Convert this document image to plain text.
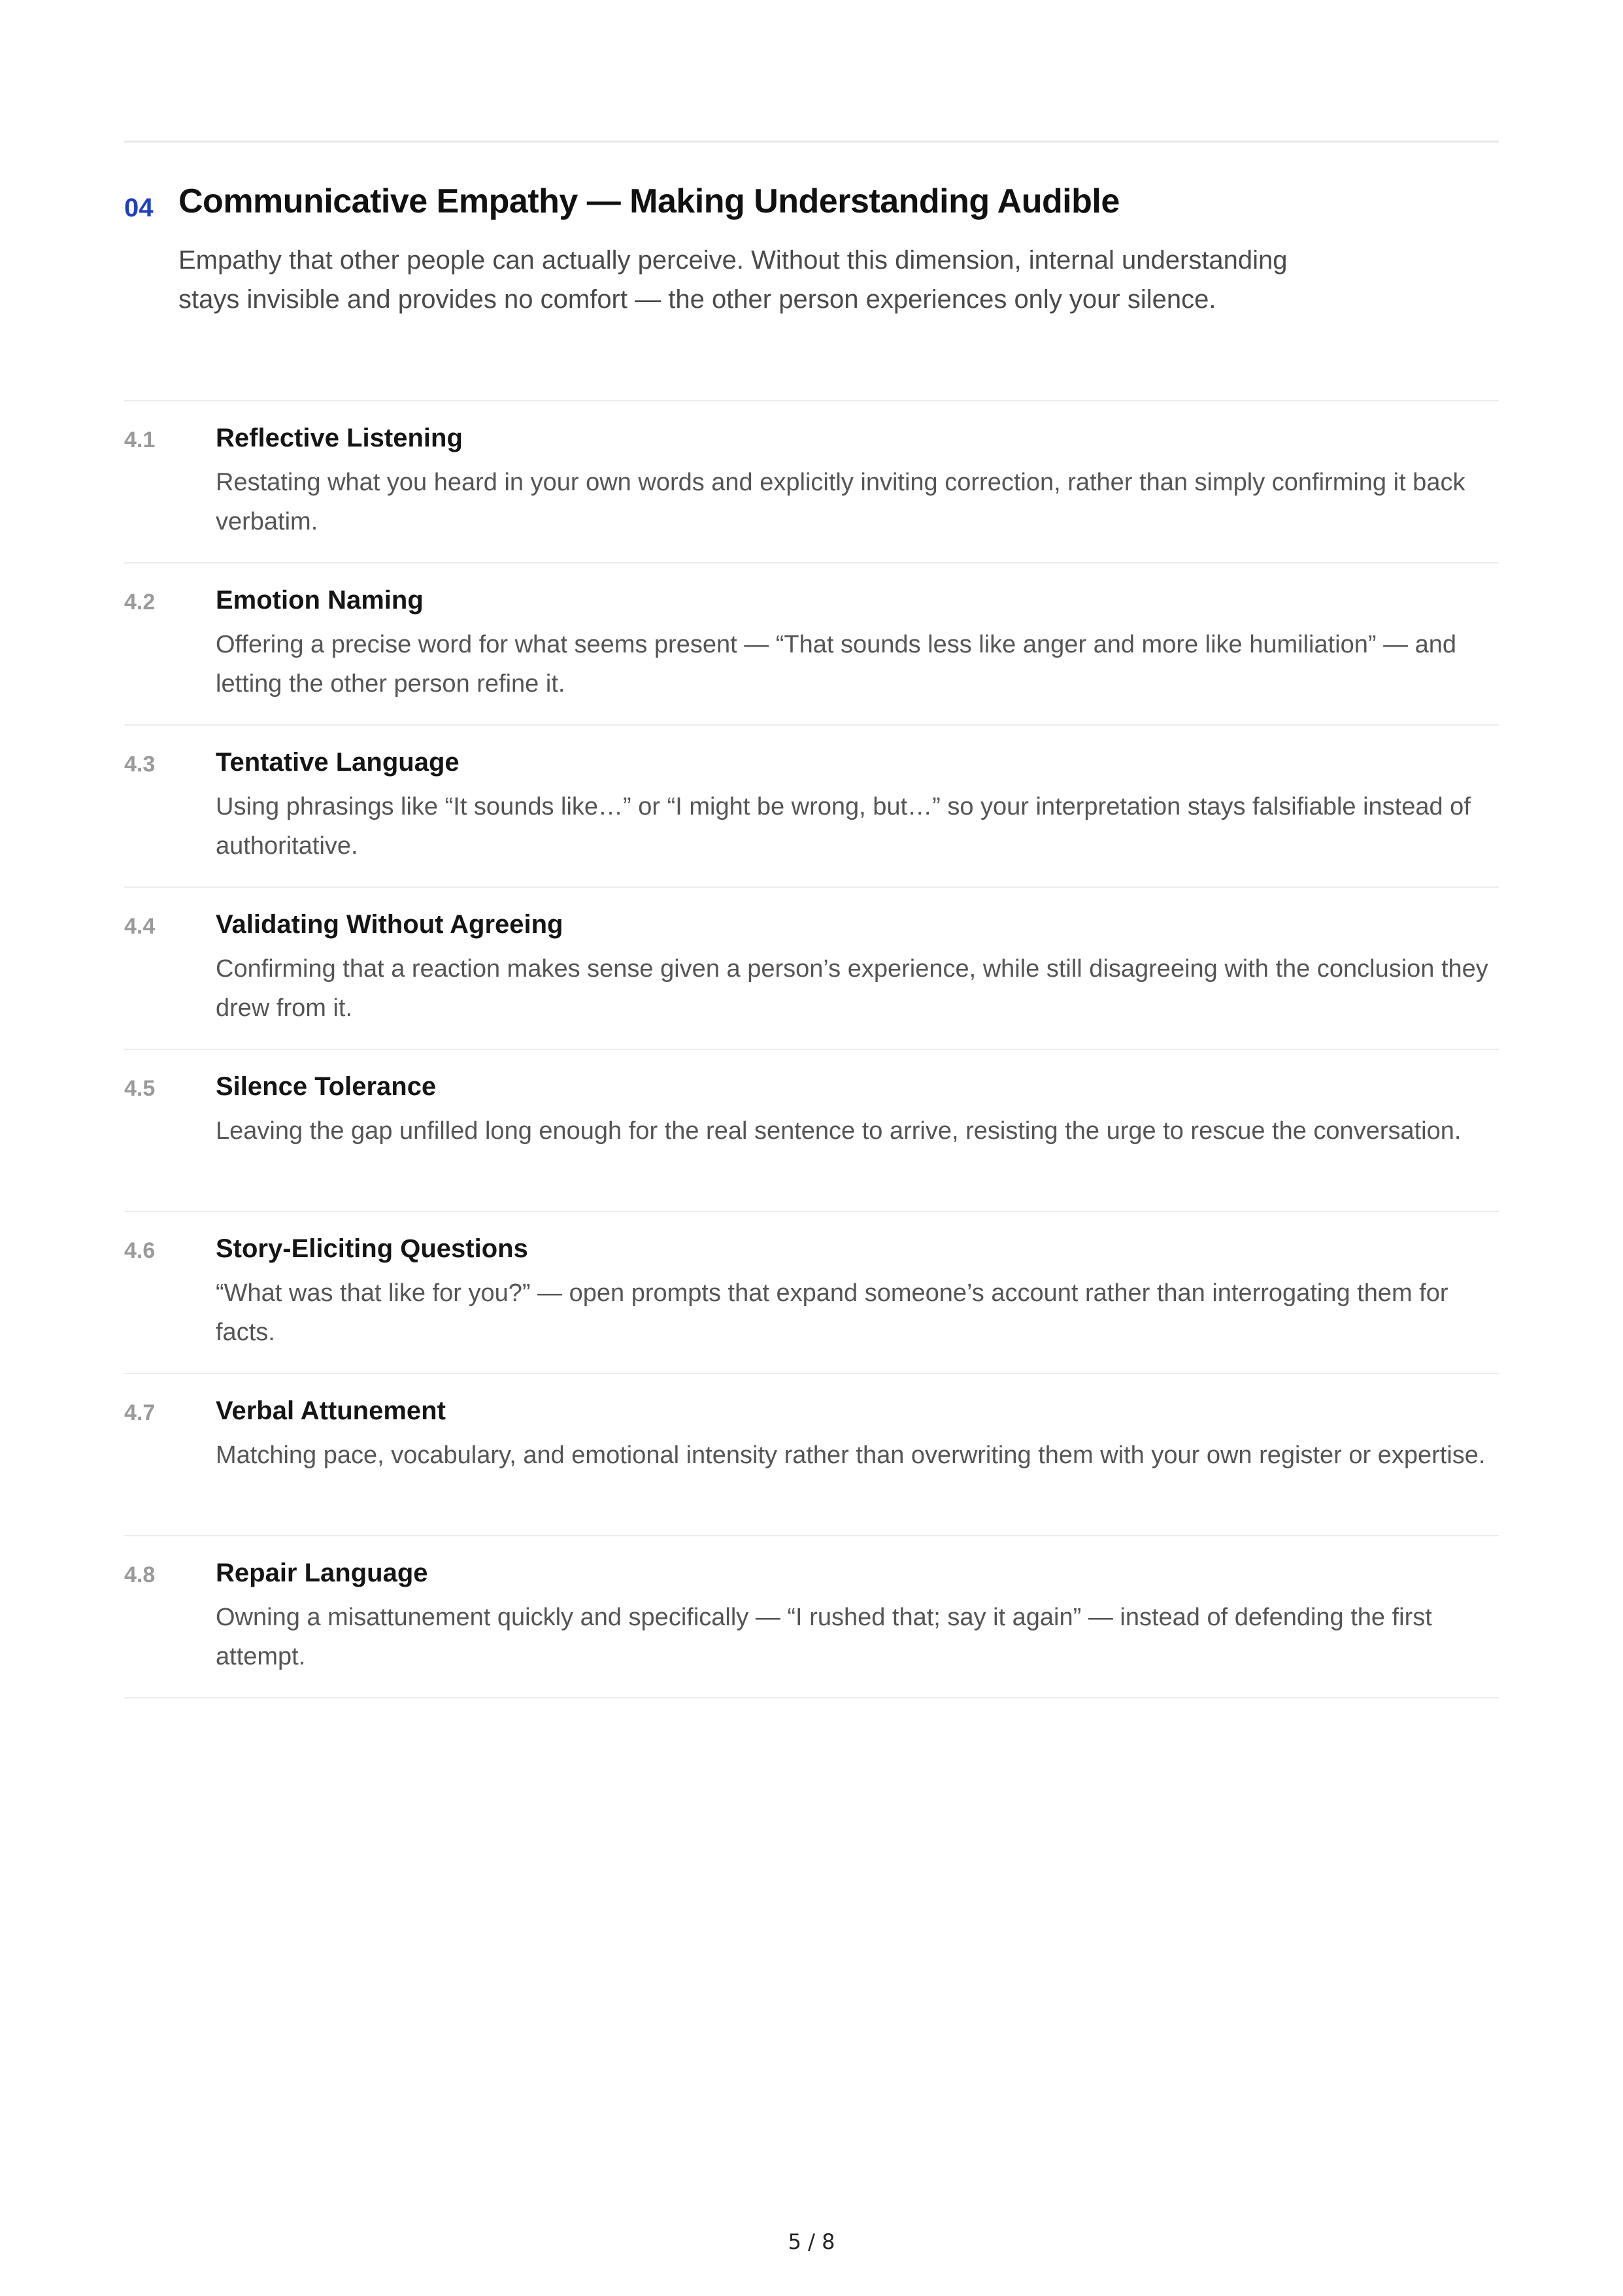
04 Communicative Empathy — Making Understanding Audible
Empathy that other people can actually perceive. Without this dimension, internal understanding stays invisible and provides no comfort — the other person experiences only your silence.
4.1 Reflective Listening
Restating what you heard in your own words and explicitly inviting correction, rather than simply confirming it back verbatim.
4.2 Emotion Naming
Offering a precise word for what seems present — “That sounds less like anger and more like humiliation” — and letting the other person refine it.
4.3 Tentative Language
Using phrasings like “It sounds like…” or “I might be wrong, but…” so your interpretation stays falsifiable instead of authoritative.
4.4 Validating Without Agreeing
Confirming that a reaction makes sense given a person’s experience, while still disagreeing with the conclusion they drew from it.
4.5 Silence Tolerance
Leaving the gap unfilled long enough for the real sentence to arrive, resisting the urge to rescue the conversation.
4.6 Story-Eliciting Questions
“What was that like for you?” — open prompts that expand someone’s account rather than interrogating them for facts.
4.7 Verbal Attunement
Matching pace, vocabulary, and emotional intensity rather than overwriting them with your own register or expertise.
4.8 Repair Language
Owning a misattunement quickly and specifically — “I rushed that; say it again” — instead of defending the first attempt.
5 / 8
